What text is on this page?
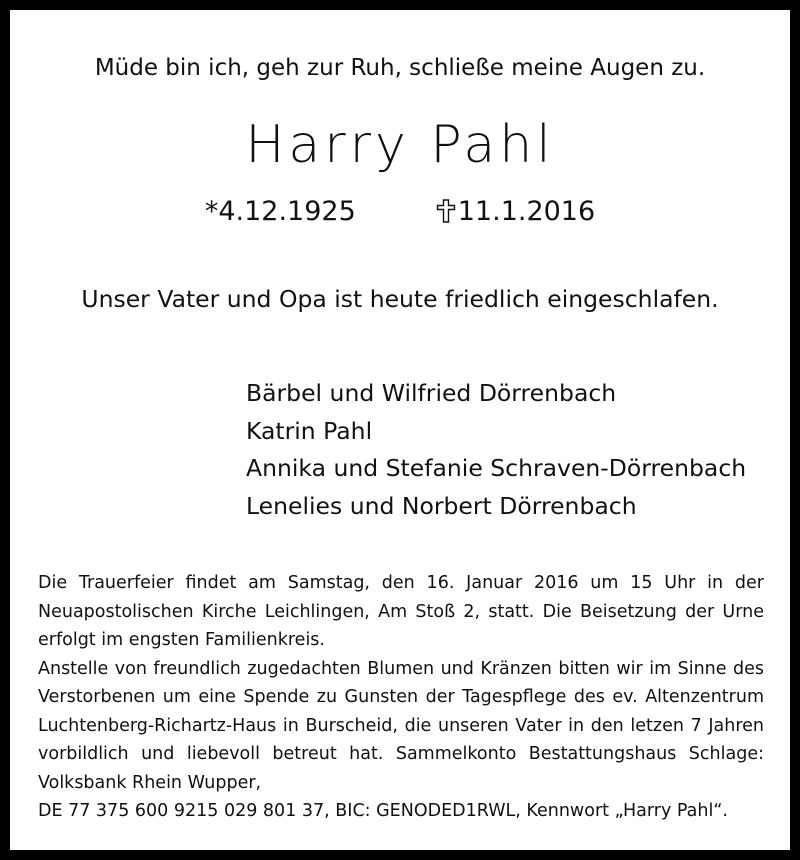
Müde bin ich, geh zur Ruh, schließe meine Augen zu.
Harry Pahl
*4.12.1925	11.1.2016
Unser Vater und Opa ist heute friedlich eingeschlafen.
Bärbel und Wilfried Dörrenbach
Katrin Pahl
Annika und Stefanie Schraven-Dörrenbach
Lenelies und Norbert Dörrenbach

Die Trauerfeier findet am Samstag, den 16. Januar 2016 um 15 Uhr in der Neuapostolischen Kirche Leichlingen, Am Stoß 2, statt. Die Beisetzung der Urne erfolgt im engsten Familienkreis.

Anstelle von freundlich zugedachten Blumen und Kränzen bitten wir im Sinne des Verstorbenen um eine Spende zu Gunsten der Tagespflege des ev. Altenzentrum Luchtenberg-Richartz-Haus in Burscheid, die unseren Vater in den letzen 7 Jahren vorbildlich und liebevoll betreut hat. Sammelkonto Bestattungshaus Schlage: Volksbank Rhein Wupper,

DE 77 375 600 9215 029 801 37, BIC: GENODED1RWL, Kennwort „Harry Pahl“.
